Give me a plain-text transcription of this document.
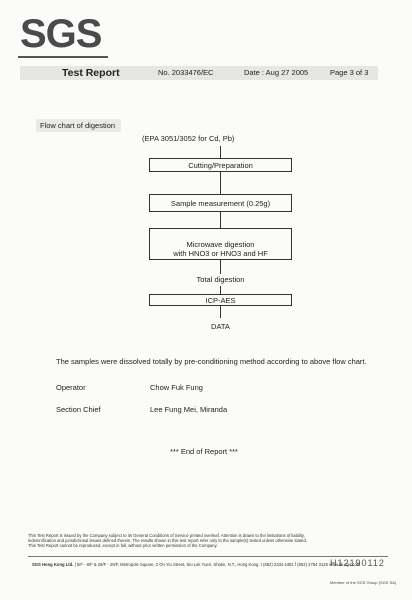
SGS
Test Report	No. 2033476/EC	Date : Aug 27 2005	Page 3 of 3
Flow chart of digestion
(EPA 3051/3052 for Cd, Pb)
Cutting/Preparation
Sample measurement (0.25g)
Microwave digestion
with HNO3 or HNO3 and HF
Total digestion
ICP-AES
DATA
The samples were dissolved totally by pre-conditioning method according to above flow chart.
Operator	Chow Fuk Fung
Section Chief	Lee Fung Mei, Miranda
*** End of Report ***
This Test Report is issued by the Company subject to its General Conditions of Service printed overleaf. Attention is drawn to the limitations of liability,
indemnification and jurisdictional issues defined therein. The results shown in this test report refer only to the sample(s) tested unless otherwise stated.
This Test Report cannot be reproduced, except in full, without prior written permission of the Company.
H12190112
SGS Hong Kong Ltd. | 5/F - 8/F & 28/F - 29/F, Metropole Square, 2 On Yiu Street, Siu Lek Yuen, Shatin, N.T., Hong Kong. t (852) 2334 4481 f (852) 2764 3126 www.hk.sgs.com
Member of the SGS Group (SGS SA)
